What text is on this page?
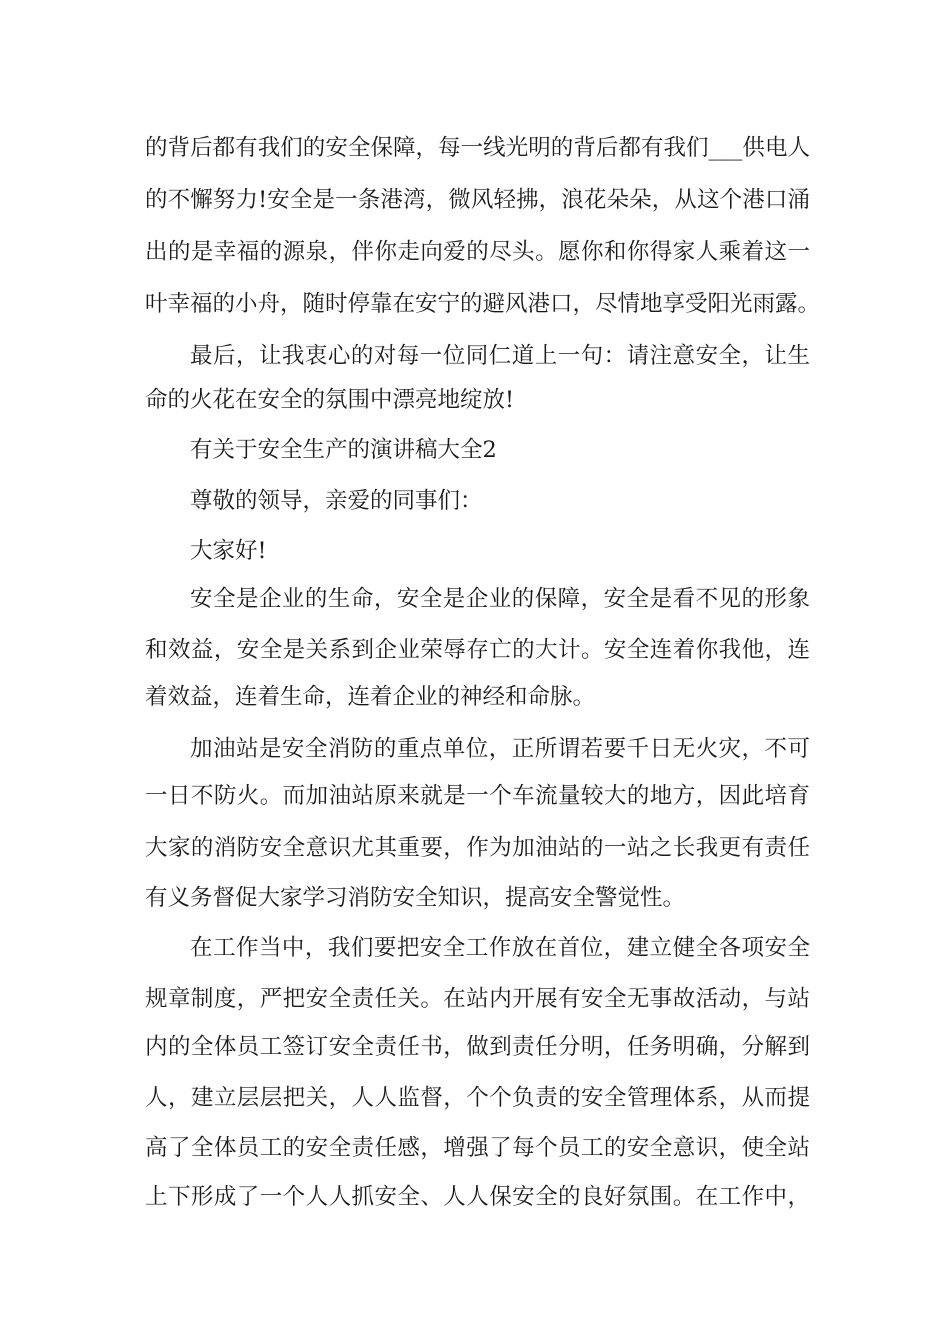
的背后都有我们的安全保障，每一线光明的背后都有我们___供电人
的不懈努力!安全是一条港湾，微风轻拂，浪花朵朵，从这个港口涌
出的是幸福的源泉，伴你走向爱的尽头。愿你和你得家人乘着这一
叶幸福的小舟，随时停靠在安宁的避风港口，尽情地享受阳光雨露。
最后，让我衷心的对每一位同仁道上一句：请注意安全，让生
命的火花在安全的氛围中漂亮地绽放!
有关于安全生产的演讲稿大全2
尊敬的领导，亲爱的同事们：
大家好!
安全是企业的生命，安全是企业的保障，安全是看不见的形象
和效益，安全是关系到企业荣辱存亡的大计。安全连着你我他，连
着效益，连着生命，连着企业的神经和命脉。
加油站是安全消防的重点单位，正所谓若要千日无火灾，不可
一日不防火。而加油站原来就是一个车流量较大的地方，因此培育
大家的消防安全意识尤其重要，作为加油站的一站之长我更有责任
有义务督促大家学习消防安全知识，提高安全警觉性。
在工作当中，我们要把安全工作放在首位，建立健全各项安全
规章制度，严把安全责任关。在站内开展有安全无事故活动，与站
内的全体员工签订安全责任书，做到责任分明，任务明确，分解到
人，建立层层把关，人人监督，个个负责的安全管理体系，从而提
高了全体员工的安全责任感，增强了每个员工的安全意识，使全站
上下形成了一个人人抓安全、人人保安全的良好氛围。在工作中，
